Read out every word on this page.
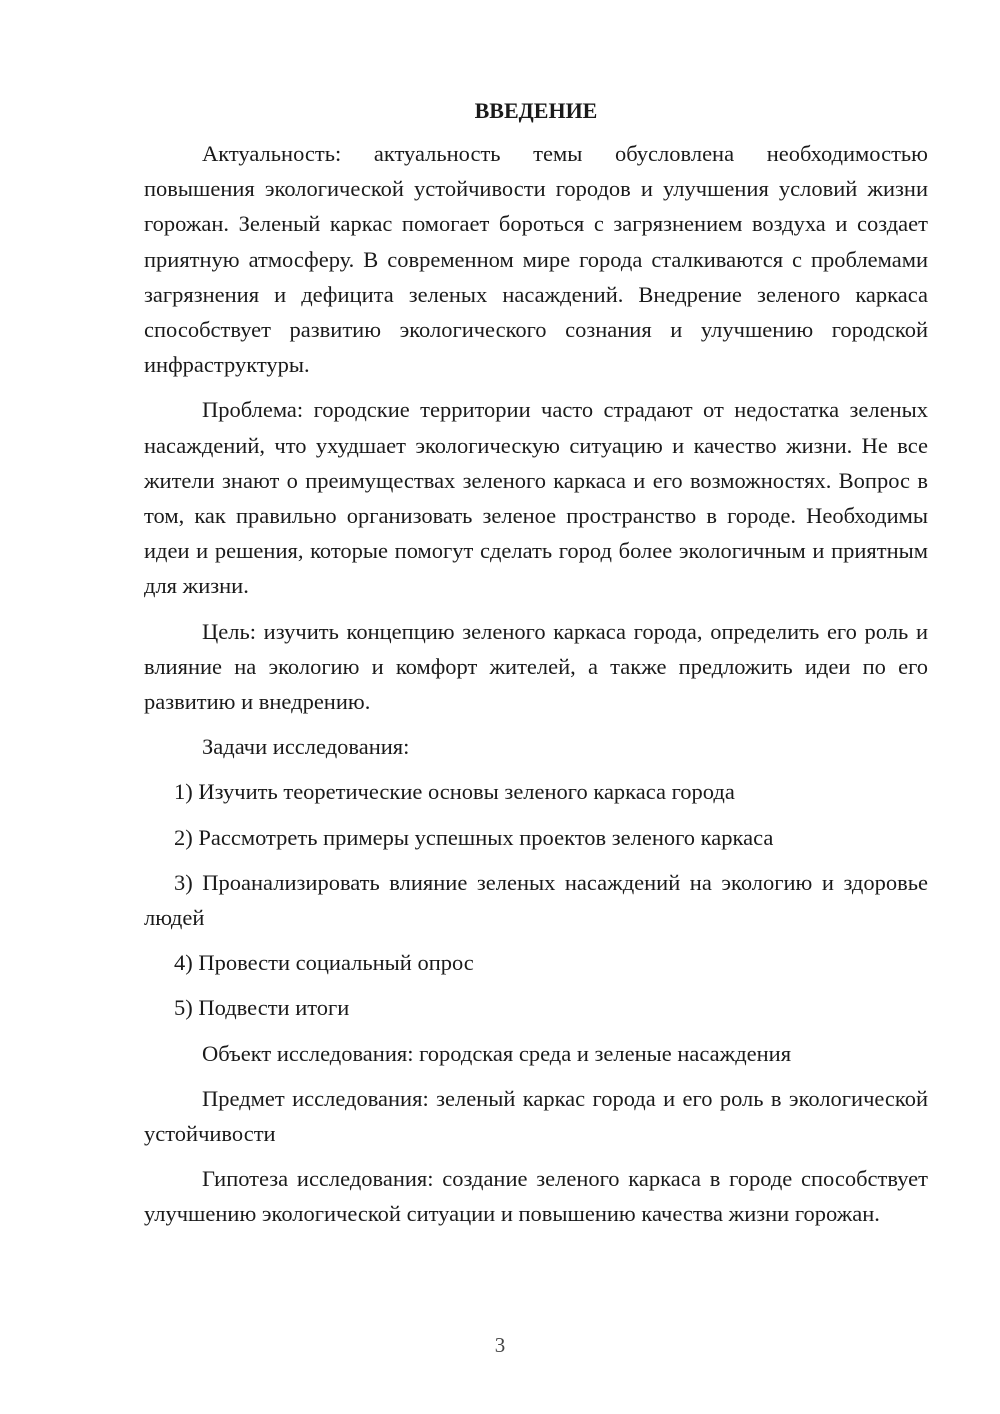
ВВЕДЕНИЕ

Актуальность: актуальность темы обусловлена необходимостью повышения экологической устойчивости городов и улучшения условий жизни горожан. Зеленый каркас помогает бороться с загрязнением воздуха и создает приятную атмосферу. В современном мире города сталкиваются с проблемами загрязнения и дефицита зеленых насаждений. Внедрение зеленого каркаса способствует развитию экологического сознания и улучшению городской инфраструктуры.

Проблема: городские территории часто страдают от недостатка зеленых насаждений, что ухудшает экологическую ситуацию и качество жизни. Не все жители знают о преимуществах зеленого каркаса и его возможностях. Вопрос в том, как правильно организовать зеленое пространство в городе. Необходимы идеи и решения, которые помогут сделать город более экологичным и приятным для жизни.

Цель: изучить концепцию зеленого каркаса города, определить его роль и влияние на экологию и комфорт жителей, а также предложить идеи по его развитию и внедрению.

Задачи исследования:

1) Изучить теоретические основы зеленого каркаса города

2) Рассмотреть примеры успешных проектов зеленого каркаса

3) Проанализировать влияние зеленых насаждений на экологию и здоровье людей

4) Провести социальный опрос

5) Подвести итоги

Объект исследования: городская среда и зеленые насаждения

Предмет исследования: зеленый каркас города и его роль в экологической устойчивости

Гипотеза исследования: создание зеленого каркаса в городе способствует улучшению экологической ситуации и повышению качества жизни горожан.

3
